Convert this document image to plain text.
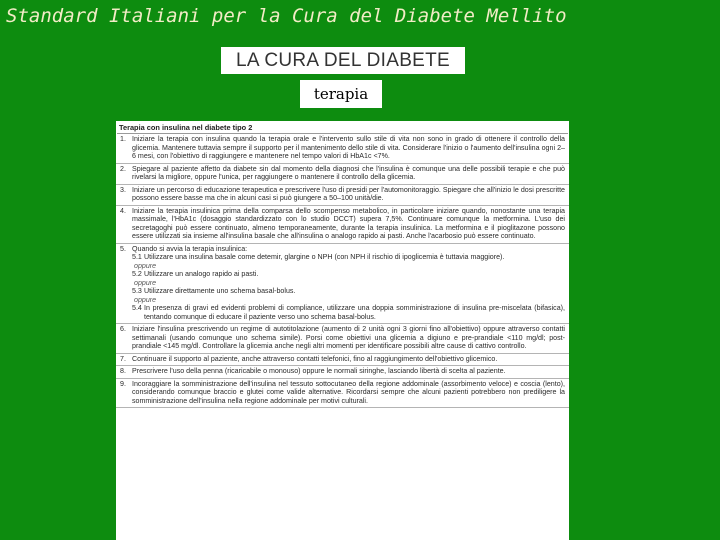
Standard Italiani per la Cura del Diabete Mellito
LA CURA DEL DIABETE
terapia
Terapia con insulina nel diabete tipo 2
1. Iniziare la terapia con insulina quando la terapia orale e l'intervento sullo stile di vita non sono in grado di ottenere il controllo della glicemia. Mantenere tuttavia sempre il supporto per il mantenimento dello stile di vita. Considerare l'inizio o l'aumento dell'insulina ogni 2–6 mesi, con l'obiettivo di raggiungere e mantenere nel tempo valori di HbA1c <7%.
2. Spiegare al paziente affetto da diabete sin dal momento della diagnosi che l'insulina è comunque una delle possibili terapie e che può rivelarsi la migliore, oppure l'unica, per raggiungere o mantenere il controllo della glicemia.
3. Iniziare un percorso di educazione terapeutica e prescrivere l'uso di presidi per l'automonitoraggio. Spiegare che all'inizio le dosi prescritte possono essere basse ma che in alcuni casi si può giungere a 50–100 unità/die.
4. Iniziare la terapia insulinica prima della comparsa dello scompenso metabolico, in particolare iniziare quando, nonostante una terapia massimale, l'HbA1c (dosaggio standardizzato con lo studio DCCT) supera 7,5%. Continuare comunque la metformina. L'uso dei secretagoghi può essere continuato, almeno temporaneamente, durante la terapia insulinica. La metformina e il pioglitazone possono essere utilizzati sia insieme all'insulina basale che all'insulina o analogo rapido ai pasti. Anche l'acarbosio può essere continuato.
5. Quando si avvia la terapia insulinica:
5.1 Utilizzare una insulina basale come detemir, glargine o NPH (con NPH il rischio di ipoglicemia è tuttavia maggiore).
oppure
5.2 Utilizzare un analogo rapido ai pasti.
oppure
5.3 Utilizzare direttamente uno schema basal-bolus.
oppure
5.4 In presenza di gravi ed evidenti problemi di compliance, utilizzare una doppia somministrazione di insulina pre-miscelata (bifasica), tentando comunque di educare il paziente verso uno schema basal-bolus.
6. Iniziare l'insulina prescrivendo un regime di autotitolazione (aumento di 2 unità ogni 3 giorni fino all'obiettivo) oppure attraverso contatti settimanali (usando comunque uno schema simile). Porsi come obiettivi una glicemia a digiuno e pre-prandiale <110 mg/dl; post-prandiale <145 mg/dl. Controllare la glicemia anche negli altri momenti per identificare possibili altre cause di cattivo controllo.
7. Continuare il supporto al paziente, anche attraverso contatti telefonici, fino al raggiungimento dell'obiettivo glicemico.
8. Prescrivere l'uso della penna (ricaricabile o monouso) oppure le normali siringhe, lasciando libertà di scelta al paziente.
9. Incoraggiare la somministrazione dell'insulina nel tessuto sottocutaneo della regione addominale (assorbimento veloce) e coscia (lento), considerando comunque braccio e glutei come valide alternative. Ricordarsi sempre che alcuni pazienti potrebbero non prediligere la somministrazione dell'insulina nella regione addominale per motivi culturali.
